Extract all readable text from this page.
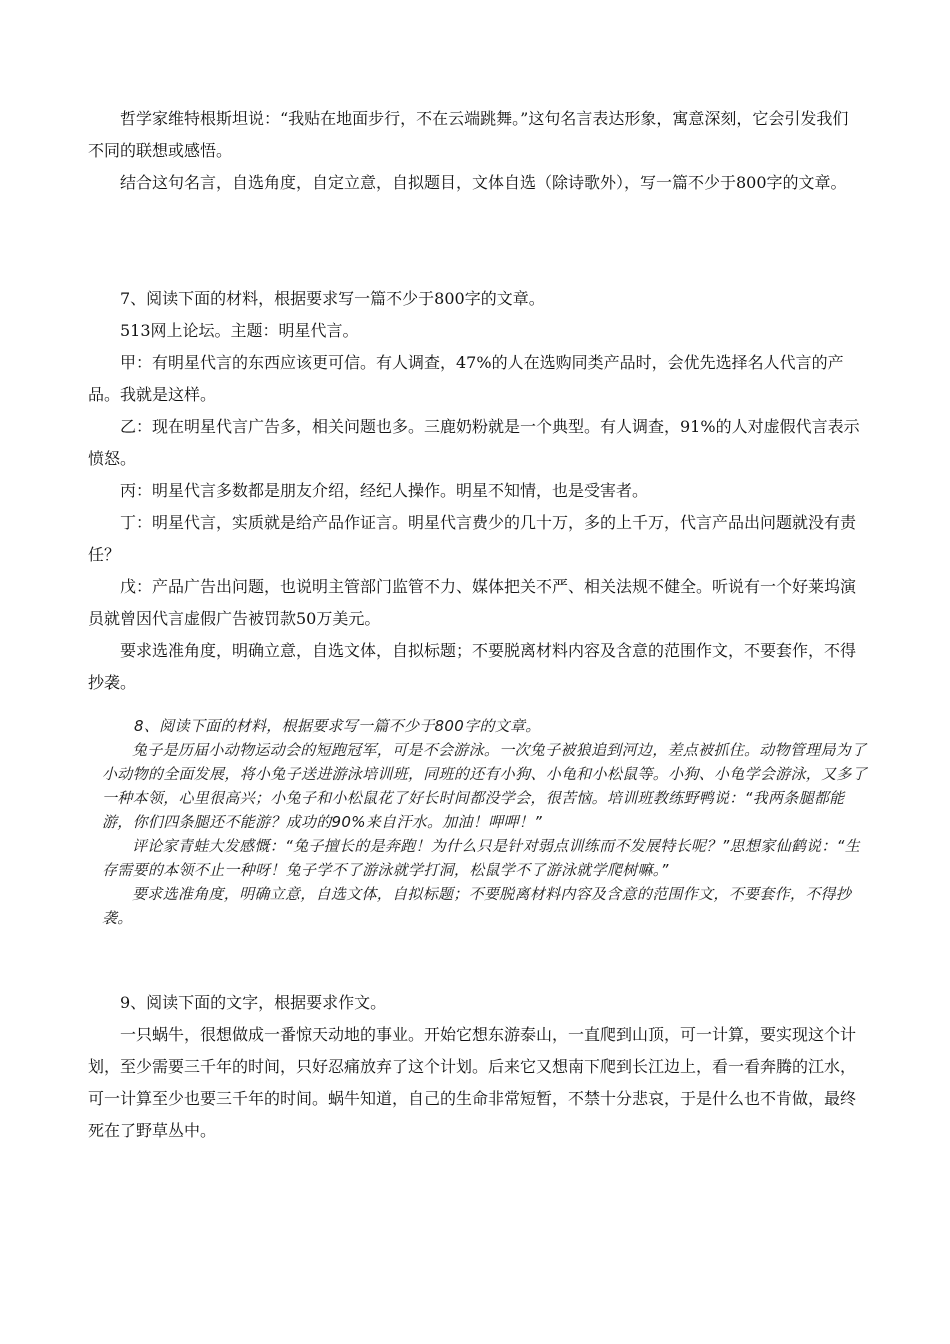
哲学家维特根斯坦说：“我贴在地面步行，不在云端跳舞。”这句名言表达形象，寓意深刻，它会引发我们不同的联想或感悟。

结合这句名言，自选角度，自定立意，自拟题目，文体自选（除诗歌外），写一篇不少于800字的文章。

7、阅读下面的材料，根据要求写一篇不少于800字的文章。

513网上论坛。主题：明星代言。

甲：有明星代言的东西应该更可信。有人调查，47%的人在选购同类产品时，会优先选择名人代言的产品。我就是这样。

乙：现在明星代言广告多，相关问题也多。三鹿奶粉就是一个典型。有人调查，91%的人对虚假代言表示愤怒。

丙：明星代言多数都是朋友介绍，经纪人操作。明星不知情，也是受害者。

丁：明星代言，实质就是给产品作证言。明星代言费少的几十万，多的上千万，代言产品出问题就没有责任？

戊：产品广告出问题，也说明主管部门监管不力、媒体把关不严、相关法规不健全。听说有一个好莱坞演员就曾因代言虚假广告被罚款50万美元。

要求选准角度，明确立意，自选文体，自拟标题；不要脱离材料内容及含意的范围作文，不要套作，不得抄袭。

8、阅读下面的材料，根据要求写一篇不少于800字的文章。

兔子是历届小动物运动会的短跑冠军，可是不会游泳。一次兔子被狼追到河边，差点被抓住。动物管理局为了小动物的全面发展，将小兔子送进游泳培训班，同班的还有小狗、小龟和小松鼠等。小狗、小龟学会游泳，又多了一种本领，心里很高兴；小兔子和小松鼠花了好长时间都没学会，很苦恼。培训班教练野鸭说：“我两条腿都能游，你们四条腿还不能游？成功的90%来自汗水。加油！呷呷！”

评论家青蛙大发感慨：“兔子擅长的是奔跑！为什么只是针对弱点训练而不发展特长呢？”思想家仙鹤说：“生存需要的本领不止一种呀！兔子学不了游泳就学打洞，松鼠学不了游泳就学爬树嘛。”

要求选准角度，明确立意，自选文体，自拟标题；不要脱离材料内容及含意的范围作文，不要套作，不得抄袭。

9、阅读下面的文字，根据要求作文。

一只蜗牛，很想做成一番惊天动地的事业。开始它想东游泰山，一直爬到山顶，可一计算，要实现这个计划，至少需要三千年的时间，只好忍痛放弃了这个计划。后来它又想南下爬到长江边上，看一看奔腾的江水，可一计算至少也要三千年的时间。蜗牛知道，自己的生命非常短暂，不禁十分悲哀，于是什么也不肯做，最终死在了野草丛中。
